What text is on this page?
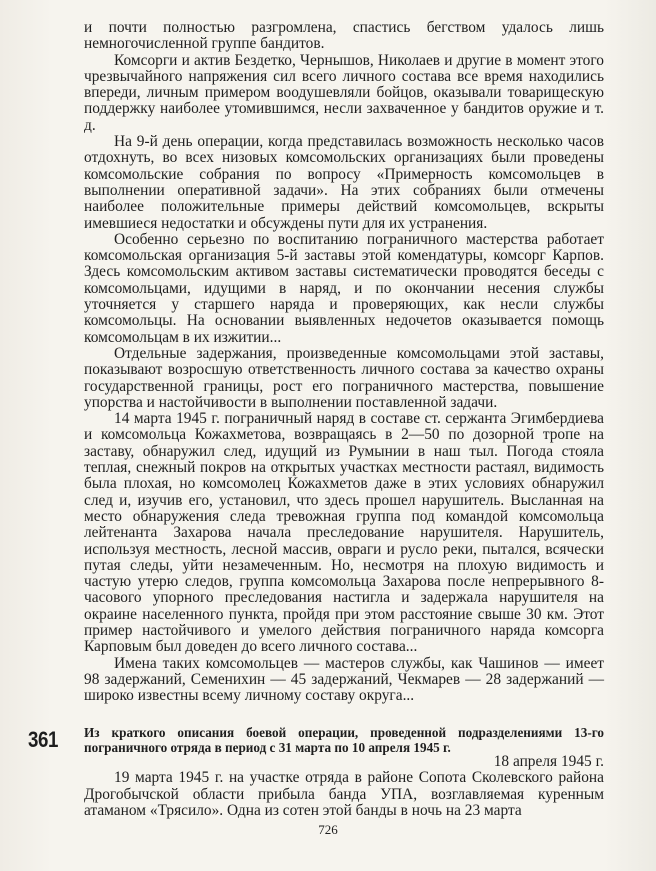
и почти полностью разгромлена, спастись бегством удалось лишь немногочисленной группе бандитов.

Комсорги и актив Бездетко, Чернышов, Николаев и другие в момент этого чрезвычайного напряжения сил всего личного состава все время находились впереди, личным примером воодушевляли бойцов, оказывали товарищескую поддержку наиболее утомившимся, несли захваченное у бандитов оружие и т. д.

На 9-й день операции, когда представилась возможность несколько часов отдохнуть, во всех низовых комсомольских организациях были проведены комсомольские собрания по вопросу «Примерность комсомольцев в выполнении оперативной задачи». На этих собраниях были отмечены наиболее положительные примеры действий комсомольцев, вскрыты имевшиеся недостатки и обсуждены пути для их устранения.

Особенно серьезно по воспитанию пограничного мастерства работает комсомольская организация 5-й заставы этой комендатуры, комсорг Карпов. Здесь комсомольским активом заставы систематически проводятся беседы с комсомольцами, идущими в наряд, и по окончании несения службы уточняется у старшего наряда и проверяющих, как несли службы комсомольцы. На основании выявленных недочетов оказывается помощь комсомольцам в их изжитии...

Отдельные задержания, произведенные комсомольцами этой заставы, показывают возросшую ответственность личного состава за качество охраны государственной границы, рост его пограничного мастерства, повышение упорства и настойчивости в выполнении поставленной задачи.

14 марта 1945 г. пограничный наряд в составе ст. сержанта Эгимбердиева и комсомольца Кожахметова, возвращаясь в 2—50 по дозорной тропе на заставу, обнаружил след, идущий из Румынии в наш тыл. Погода стояла теплая, снежный покров на открытых участках местности растаял, видимость была плохая, но комсомолец Кожахметов даже в этих условиях обнаружил след и, изучив его, установил, что здесь прошел нарушитель. Высланная на место обнаружения следа тревожная группа под командой комсомольца лейтенанта Захарова начала преследование нарушителя. Нарушитель, используя местность, лесной массив, овраги и русло реки, пытался, всячески путая следы, уйти незамеченным. Но, несмотря на плохую видимость и частую утерю следов, группа комсомольца Захарова после непрерывного 8-часового упорного преследования настигла и задержала нарушителя на окраине населенного пункта, пройдя при этом расстояние свыше 30 км. Этот пример настойчивого и умелого действия пограничного наряда комсорга Карповым был доведен до всего личного состава...

Имена таких комсомольцев — мастеров службы, как Чашинов — имеет 98 задержаний, Семенихин — 45 задержаний, Чекмарев — 28 задержаний — широко известны всему личному составу округа...

361 Из краткого описания боевой операции, проведенной подразделениями 13-го пограничного отряда в период с 31 марта по 10 апреля 1945 г.
18 апреля 1945 г.

19 марта 1945 г. на участке отряда в районе Сопота Сколевского района Дрогобычской области прибыла банда УПА, возглавляемая куренным атаманом «Трясило». Одна из сотен этой банды в ночь на 23 марта

726
